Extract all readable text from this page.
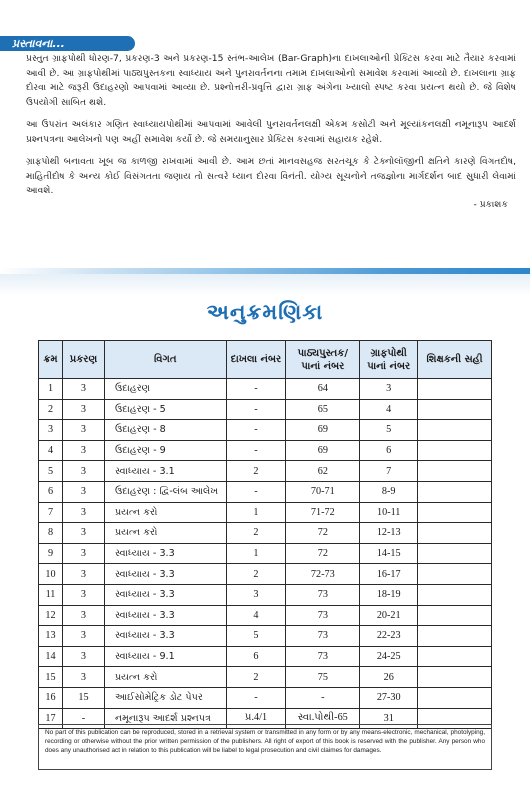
પ્રસ્તાવના...

પ્રસ્તુત ગ્રાફપોથી ધોરણ-7, પ્રકરણ-3 અને પ્રકરણ-15 સ્તંભ-આલેખ (Bar-Graph)ના દાખલાઓની પ્રેક્ટિસ કરવા માટે તૈયાર કરવામાં આવી છે. આ ગ્રાફપોથીમાં પાઠ્યપુસ્તકના સ્વાધ્યાય અને પુનરાવર્તનના તમામ દાખલાઓનો સમાવેશ કરવામાં આવ્યો છે. દાખલાના ગ્રાફ દોરવા માટે જરૂરી ઉદાહરણો આપવામાં આવ્યા છે. પ્રશ્નોત્તરી-પ્રવૃત્તિ દ્વારા ગ્રાફ અંગેના ખ્યાલો સ્પષ્ટ કરવા પ્રયત્ન થયો છે. જે વિશેષ ઉપયોગી સાબિત થશે.

આ ઉપરાંત અલંકાર ગણિત સ્વાધ્યાયપોથીમાં આપવામાં આવેલી પુનરાવર્તનલક્ષી એકમ કસોટી અને મૂલ્યાંકનલક્ષી નમૂનારૂપ આદર્શ પ્રશ્નપત્રના આલેખનો પણ અહીં સમાવેશ કર્યો છે. જે સમયાનુસાર પ્રેક્ટિસ કરવામાં સહાયક રહેશે.

ગ્રાફપોથી બનાવતા ખૂબ જ કાળજી રાખવામાં આવી છે. આમ છતાં માનવસહજ સરતચૂક કે ટેક્નોલૉજીની ક્ષતિને કારણે વિગતદોષ, માહિતીદોષ કે અન્ય કોઈ વિસંગતતા જણાય તો સત્વરે ધ્યાન દોરવા વિનંતી. યોગ્ય સૂચનોને તજજ્ઞોના માર્ગદર્શન બાદ સુધારી લેવામાં આવશે.

- પ્રકાશક
અનુક્રમણિકા
ક્રમ	પ્રકરણ	વિગત	દાખલા નંબર	પાઠ્યપુસ્તક/ પાનાં નંબર	ગ્રાફપોથી પાનાં નંબર	શિક્ષકની સહી
1	3	ઉદાહરણ	-	64	3	
2	3	ઉદાહરણ - 5	-	65	4	
3	3	ઉદાહરણ - 8	-	69	5	
4	3	ઉદાહરણ - 9	-	69	6	
5	3	સ્વાધ્યાય - 3.1	2	62	7	
6	3	ઉદાહરણ : દ્વિ-લંબ આલેખ	-	70-71	8-9	
7	3	પ્રયત્ન કરો	1	71-72	10-11	
8	3	પ્રયત્ન કરો	2	72	12-13	
9	3	સ્વાધ્યાય - 3.3	1	72	14-15	
10	3	સ્વાધ્યાય - 3.3	2	72-73	16-17	
11	3	સ્વાધ્યાય - 3.3	3	73	18-19	
12	3	સ્વાધ્યાય - 3.3	4	73	20-21	
13	3	સ્વાધ્યાય - 3.3	5	73	22-23	
14	3	સ્વાધ્યાય - 9.1	6	73	24-25	
15	3	પ્રયત્ન કરો	2	75	26	
16	15	આઈસોમેટ્રિક ડોટ પેપર	-	-	27-30	
17	-	નમૂનારૂપ આદર્શ પ્રશ્નપત્ર	પ્ર.4/1	સ્વા.પોથી-65	31	
No part of this publication can be reproduced, stored in a retrieval system or transmitted in any form or by any means-electronic, mechanical, photolyping, recording or otherwise without the prior written permission of the publishers. All right of export of this book is reserved with the publisher. Any person who does any unauthorised act in relation to this publication will be liabel to legal prosecution and civil claimes for damages.
